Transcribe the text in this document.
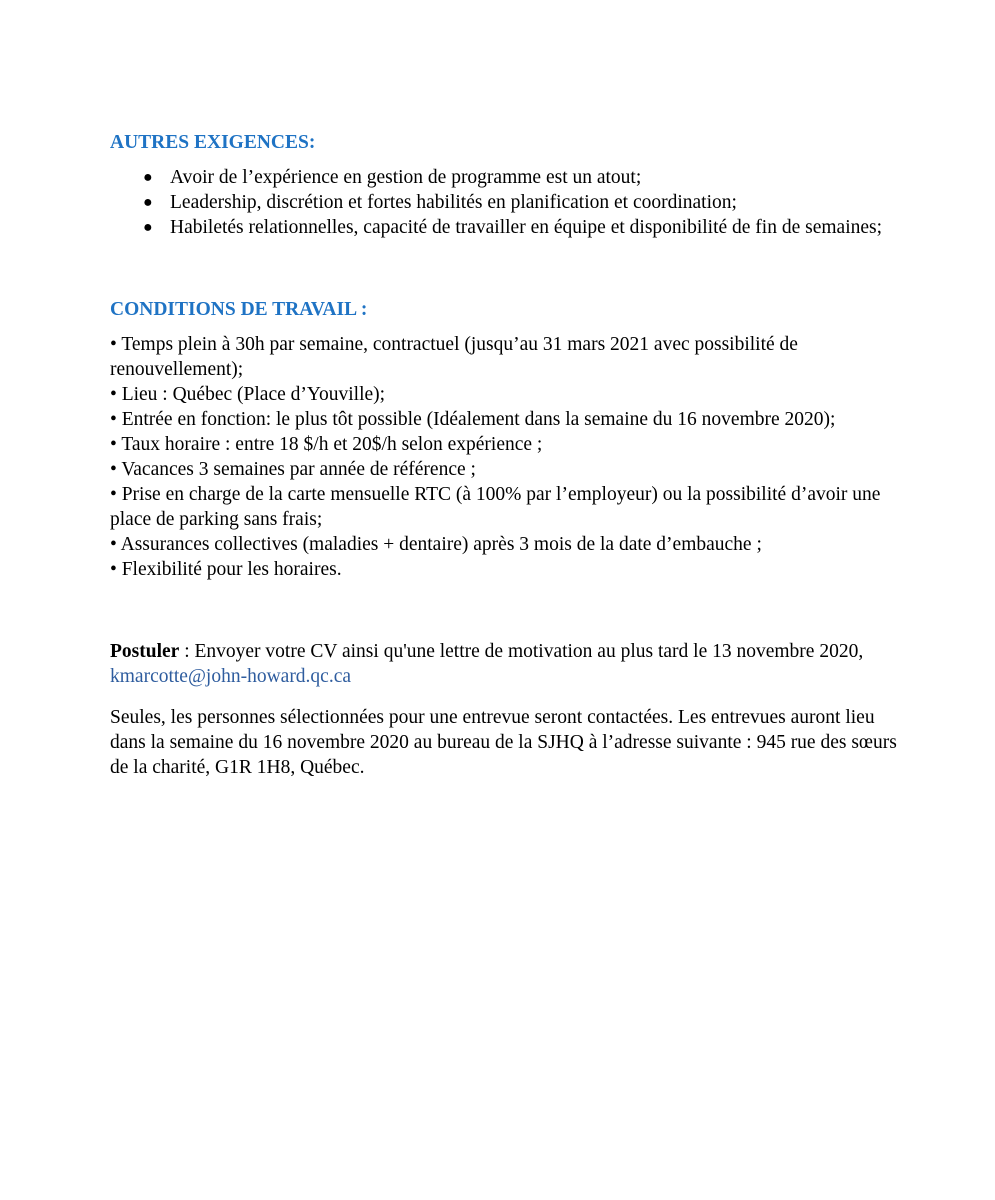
AUTRES EXIGENCES:
● Avoir de l’expérience en gestion de programme est un atout;
● Leadership, discrétion et fortes habilités en planification et coordination;
● Habiletés relationnelles, capacité de travailler en équipe et disponibilité de fin de semaines;
CONDITIONS DE TRAVAIL :
• Temps plein à 30h par semaine, contractuel (jusqu’au 31 mars 2021 avec possibilité de renouvellement);
• Lieu : Québec (Place d’Youville);
• Entrée en fonction: le plus tôt possible (Idéalement dans la semaine du 16 novembre 2020);
• Taux horaire : entre 18 $/h et 20$/h selon expérience ;
• Vacances 3 semaines par année de référence ;
• Prise en charge de la carte mensuelle RTC (à 100% par l’employeur) ou la possibilité d’avoir une place de parking sans frais;
• Assurances collectives (maladies + dentaire) après 3 mois de la date d’embauche ;
• Flexibilité pour les horaires.

Postuler : Envoyer votre CV ainsi qu'une lettre de motivation au plus tard le 13 novembre 2020,
kmarcotte@john-howard.qc.ca

Seules, les personnes sélectionnées pour une entrevue seront contactées. Les entrevues auront lieu dans la semaine du 16 novembre 2020 au bureau de la SJHQ à l’adresse suivante : 945 rue des sœurs de la charité, G1R 1H8, Québec.
